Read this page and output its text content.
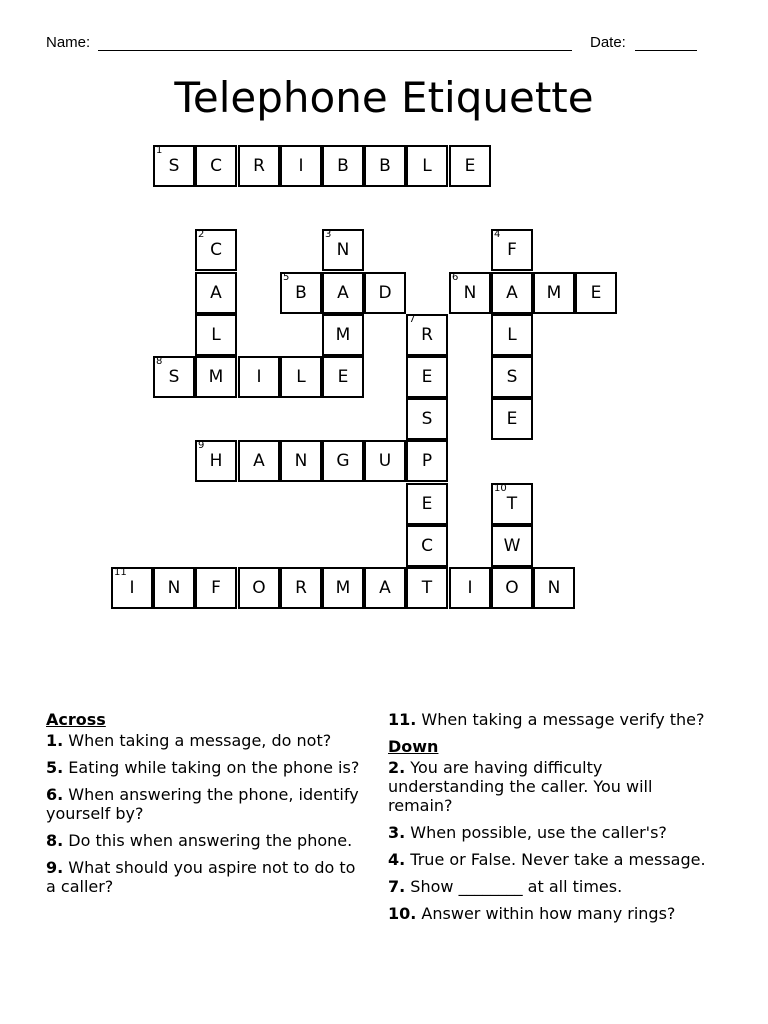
Name:	Date:
Telephone Etiquette
1
S C R I B B L E
2
C
3
N
4
F
A
5
B A D
6
N A M E
L	M
7
R	L
8
S M I L E	E	S
S	E
9
H A N G U P
E
10
T
C	W
11
I N F O R M A T I O N
Across
1. When taking a message, do not?
5. Eating while taking on the phone is?
6. When answering the phone, identify yourself by?
8. Do this when answering the phone.
9. What should you aspire not to do to a caller?
11. When taking a message verify the?
Down
2. You are having difficulty understanding the caller. You will remain?
3. When possible, use the caller's?
4. True or False. Never take a message.
7. Show ________ at all times.
10. Answer within how many rings?
